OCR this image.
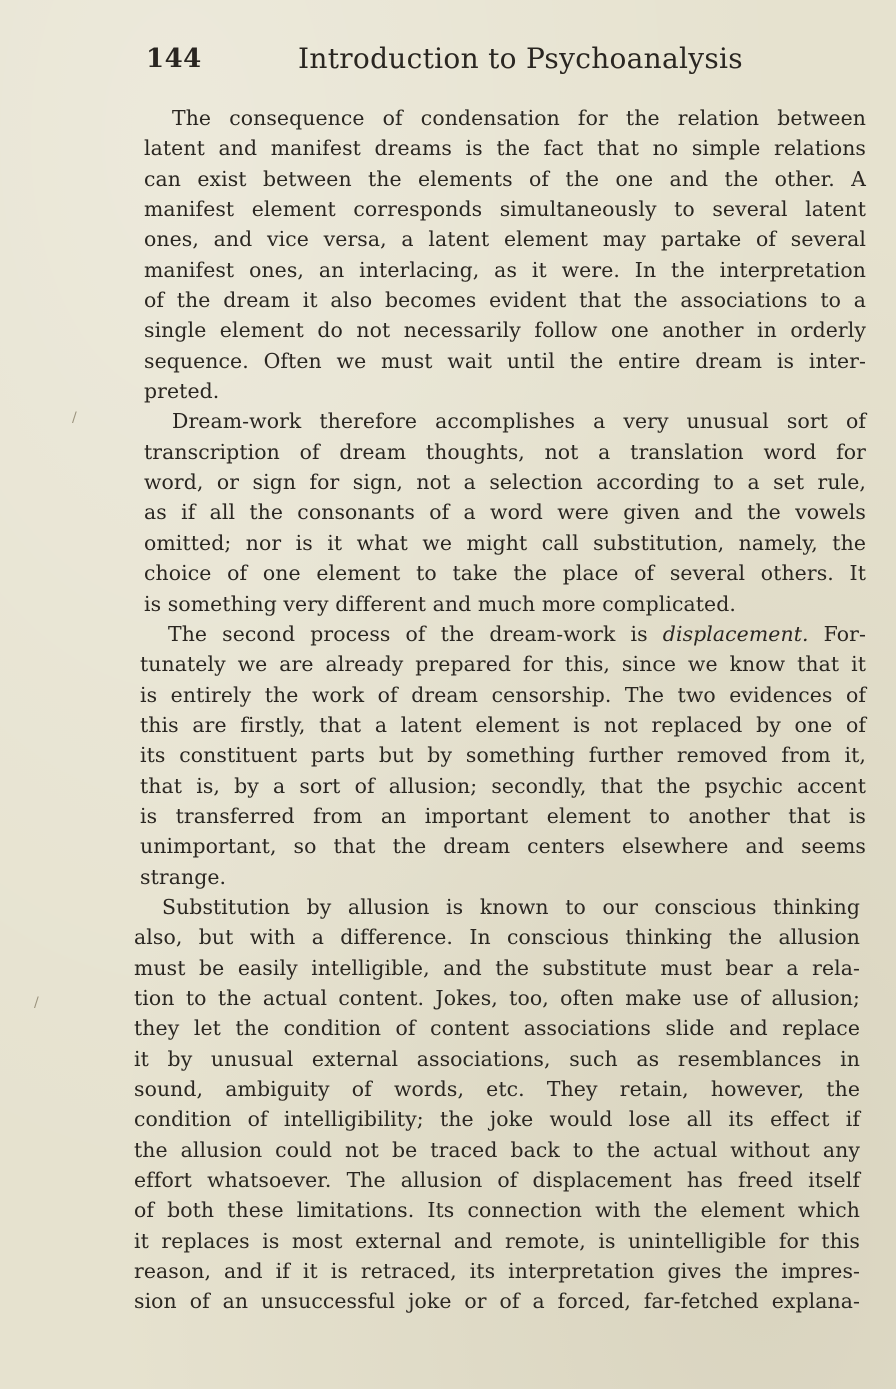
144	Introduction to Psychoanalysis
The consequence of condensation for the relation between
latent and manifest dreams is the fact that no simple relations
can exist between the elements of the one and the other. A
manifest element corresponds simultaneously to several latent
ones, and vice versa, a latent element may partake of several
manifest ones, an interlacing, as it were. In the interpretation
of the dream it also becomes evident that the associations to a
single element do not necessarily follow one another in orderly
sequence. Often we must wait until the entire dream is inter-
preted.
Dream-work therefore accomplishes a very unusual sort of
transcription of dream thoughts, not a translation word for
word, or sign for sign, not a selection according to a set rule,
as if all the consonants of a word were given and the vowels
omitted; nor is it what we might call substitution, namely, the
choice of one element to take the place of several others. It
is something very different and much more complicated.
The second process of the dream-work is displacement. For-
tunately we are already prepared for this, since we know that it
is entirely the work of dream censorship. The two evidences of
this are firstly, that a latent element is not replaced by one of
its constituent parts but by something further removed from it,
that is, by a sort of allusion; secondly, that the psychic accent
is transferred from an important element to another that is
unimportant, so that the dream centers elsewhere and seems
strange.
Substitution by allusion is known to our conscious thinking
also, but with a difference. In conscious thinking the allusion
must be easily intelligible, and the substitute must bear a rela-
tion to the actual content. Jokes, too, often make use of allusion;
they let the condition of content associations slide and replace
it by unusual external associations, such as resemblances in
sound, ambiguity of words, etc. They retain, however, the
condition of intelligibility; the joke would lose all its effect if
the allusion could not be traced back to the actual without any
effort whatsoever. The allusion of displacement has freed itself
of both these limitations. Its connection with the element which
it replaces is most external and remote, is unintelligible for this
reason, and if it is retraced, its interpretation gives the impres-
sion of an unsuccessful joke or of a forced, far-fetched explana-
/
/
